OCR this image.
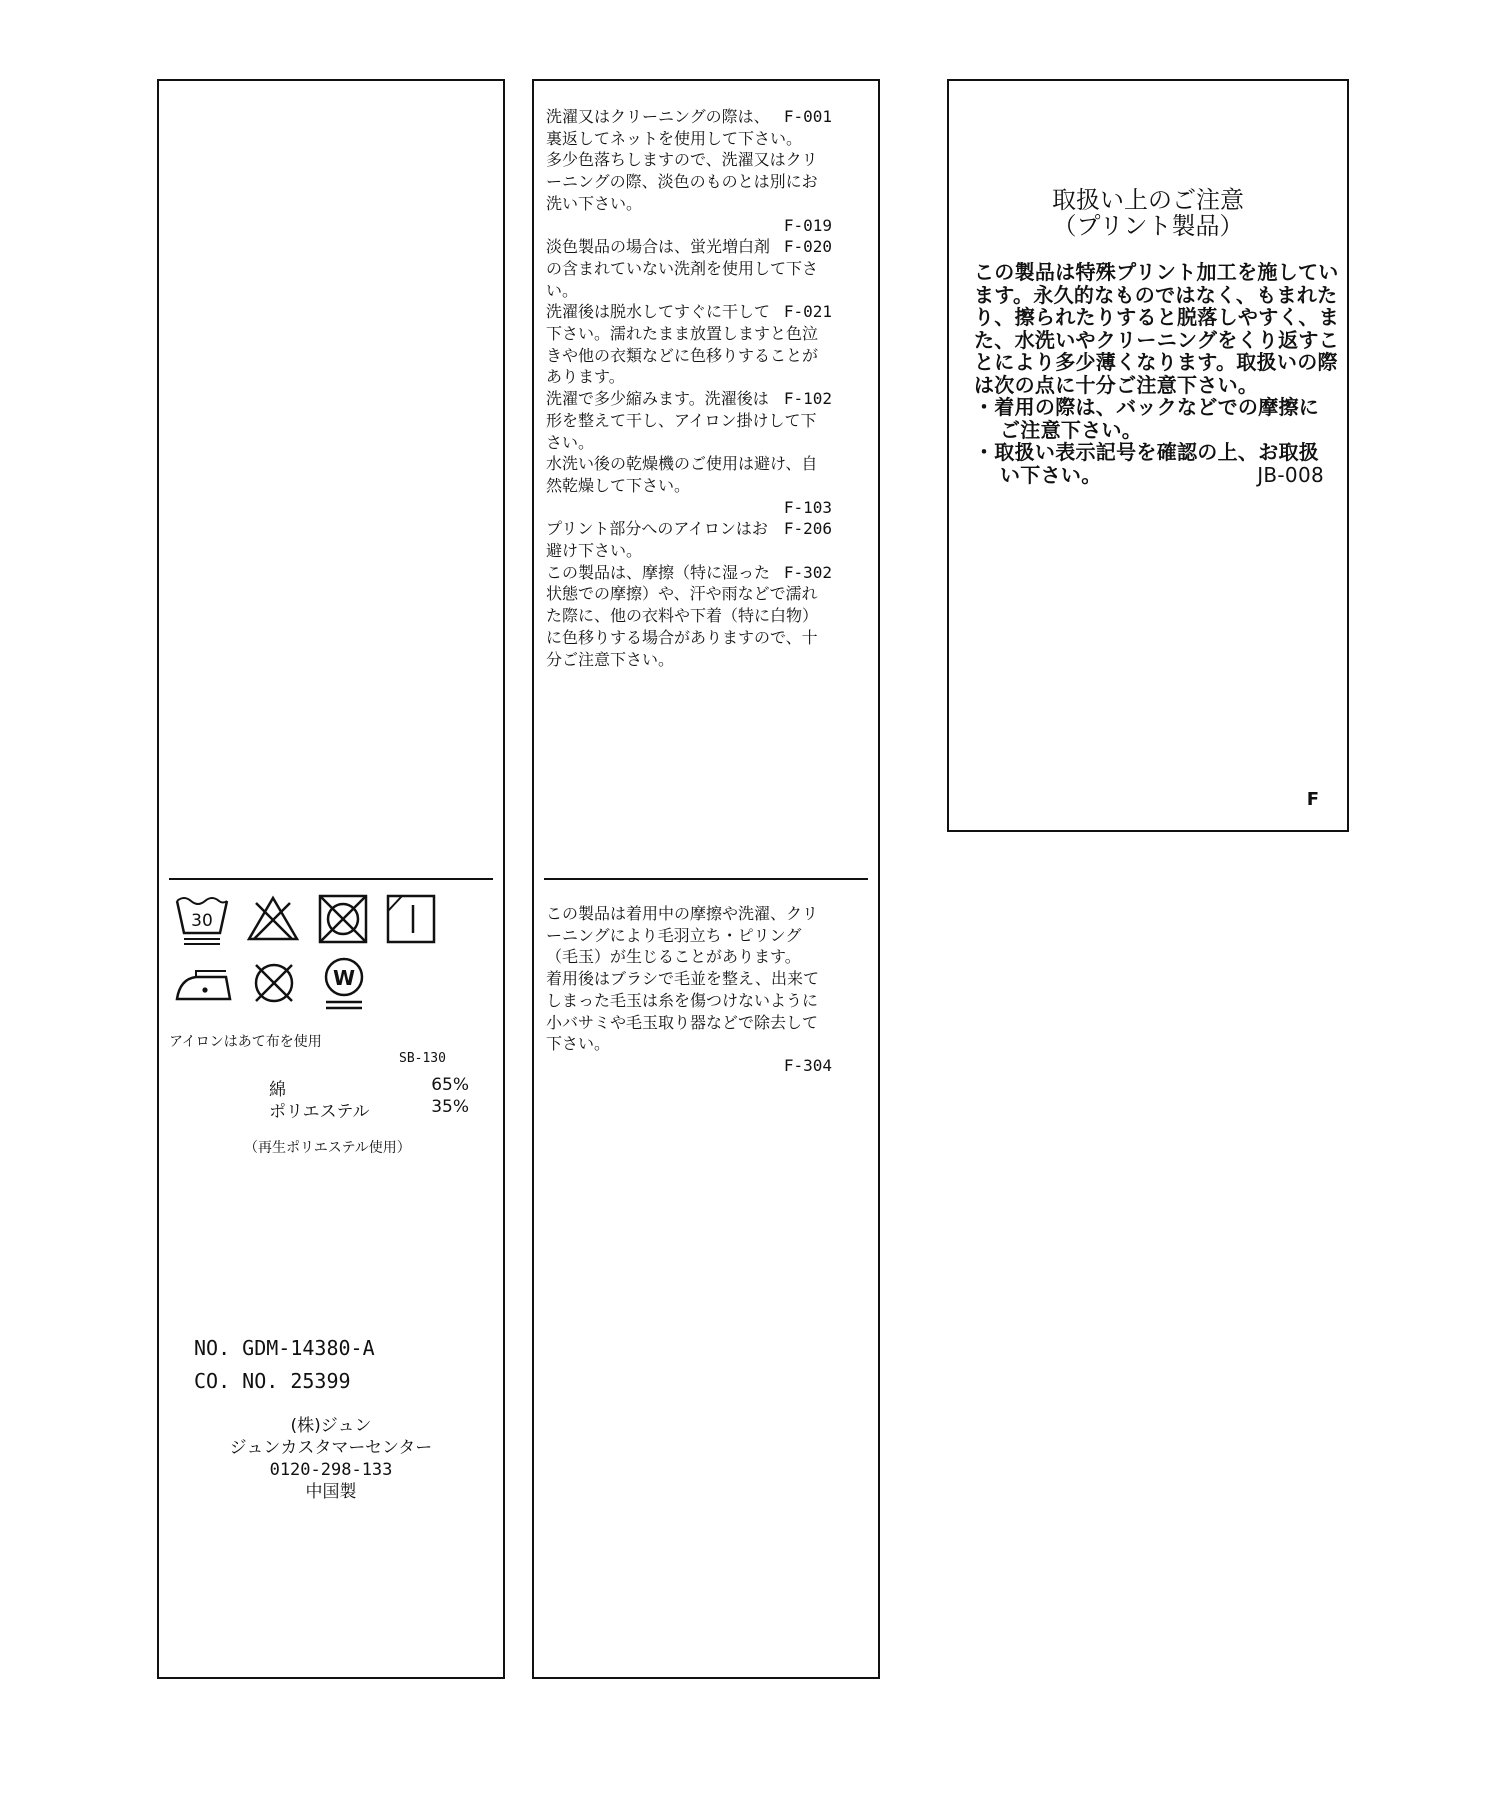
30
W
アイロンはあて布を使用
SB-130
綿	65%
ポリエステル	35%
（再生ポリエステル使用）
NO. GDM-14380-A
CO. NO. 25399
(株)ジュン
ジュンカスタマーセンター
0120-298-133
中国製

F-001
洗濯又はクリーニングの際は、裏返してネットを使用して下さい。

多少色落ちしますので、洗濯又はクリーニングの際、淡色のものとは別にお洗い下さい。

F-019

F-020
淡色製品の場合は、蛍光増白剤の含まれていない洗剤を使用して下さい。

F-021
洗濯後は脱水してすぐに干して下さい。濡れたまま放置しますと色泣きや他の衣類などに色移りすることがあります。

F-102
洗濯で多少縮みます。洗濯後は形を整えて干し、アイロン掛けして下さい。

水洗い後の乾燥機のご使用は避け、自然乾燥して下さい。

F-103

F-206
プリント部分へのアイロンはお避け下さい。

F-302
この製品は、摩擦（特に湿った状態での摩擦）や、汗や雨などで濡れた際に、他の衣料や下着（特に白物）に色移りする場合がありますので、十分ご注意下さい。

この製品は着用中の摩擦や洗濯、クリーニングにより毛羽立ち・ピリング（毛玉）が生じることがあります。
着用後はブラシで毛並を整え、出来てしまった毛玉は糸を傷つけないように小バサミや毛玉取り器などで除去して下さい。

F-304
取扱い上のご注意
（プリント製品）
この製品は特殊プリント加工を施しています。永久的なものではなく、もまれたり、擦られたりすると脱落しやすく、また、水洗いやクリーニングをくり返すことにより多少薄くなります。取扱いの際は次の点に十分ご注意下さい。
・着用の際は、バックなどでの摩擦にご注意下さい。
・取扱い表示記号を確認の上、お取扱い下さい。	JB-008
F
